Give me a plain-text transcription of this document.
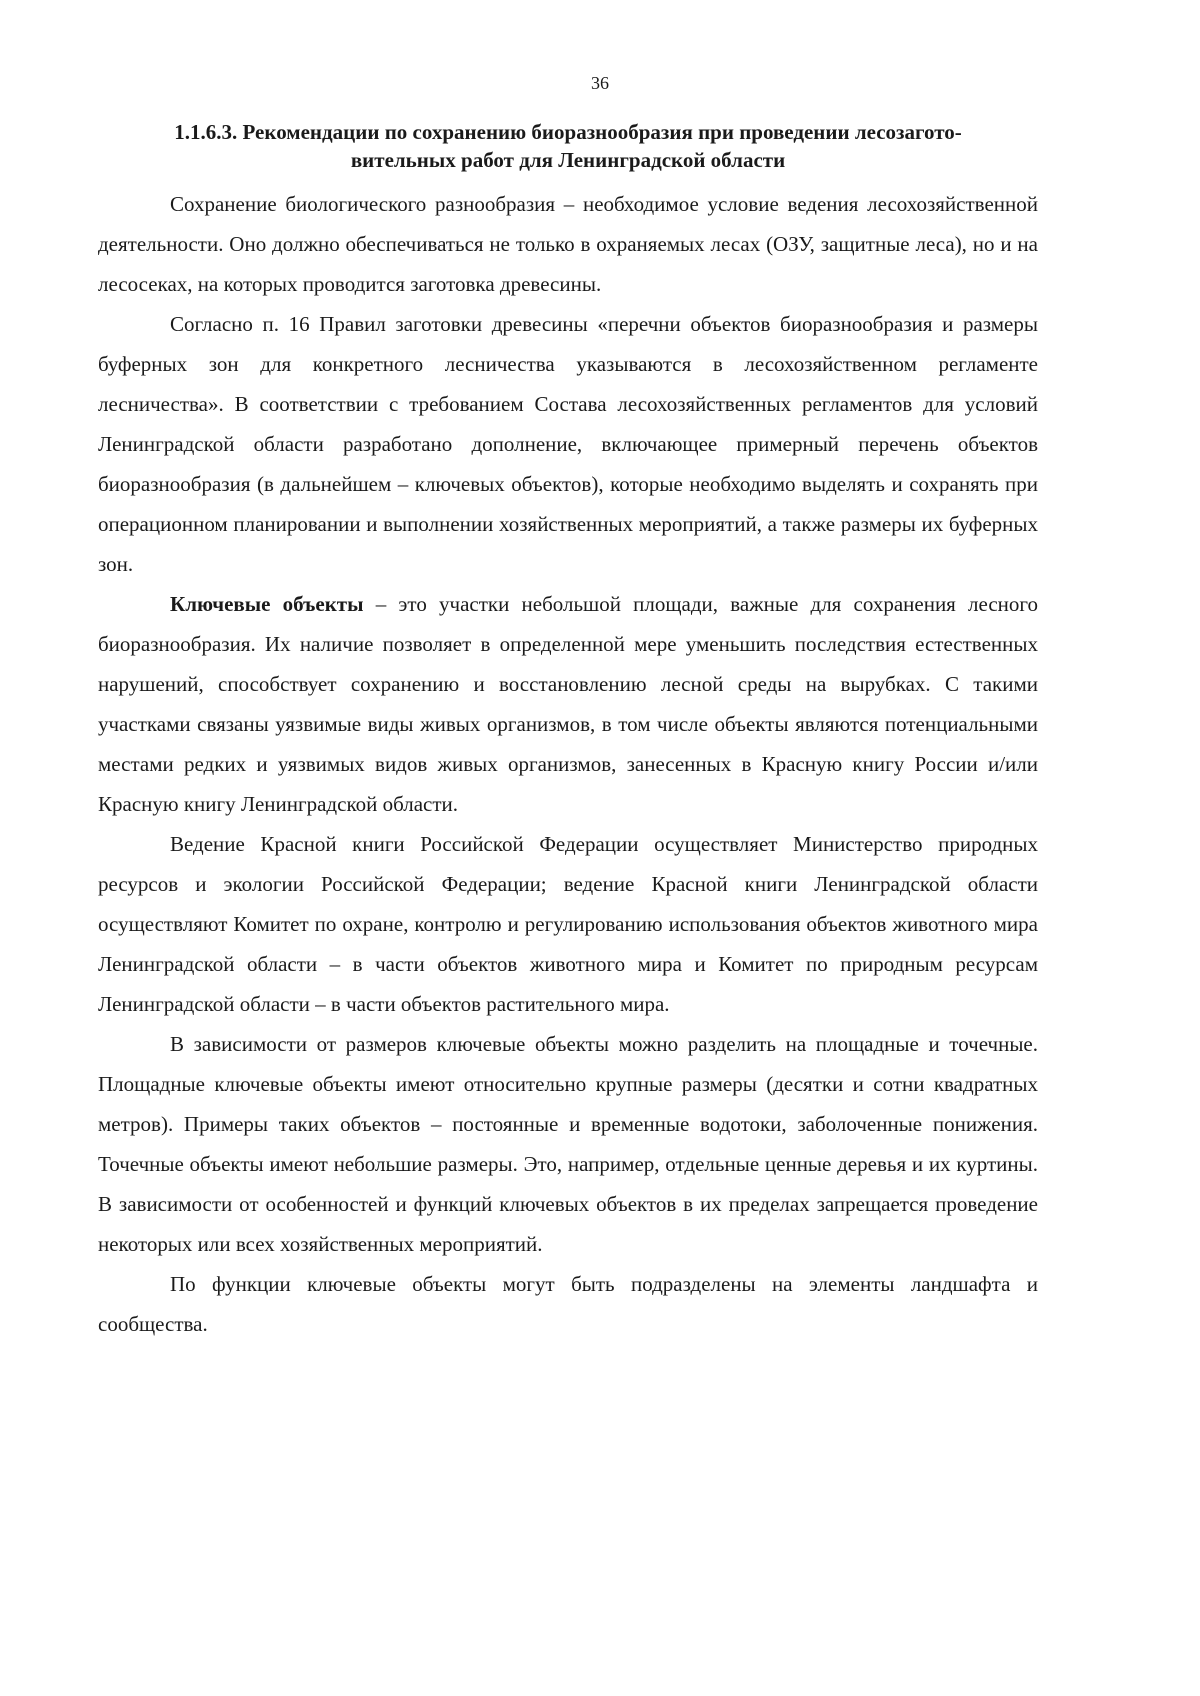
36
1.1.6.3. Рекомендации по сохранению биоразнообразия при проведении лесозагото-
вительных работ для Ленинградской области

Сохранение биологического разнообразия – необходимое условие ведения лесохозяйственной деятельности. Оно должно обеспечиваться не только в охраняемых лесах (ОЗУ, защитные леса), но и на лесосеках, на которых проводится заготовка древесины.

Согласно п. 16 Правил заготовки древесины «перечни объектов биоразнообразия и размеры буферных зон для конкретного лесничества указываются в лесохозяйственном регламенте лесничества». В соответствии с требованием Состава лесохозяйственных регламентов для условий Ленинградской области разработано дополнение, включающее примерный перечень объектов биоразнообразия (в дальнейшем – ключевых объектов), которые необходимо выделять и сохранять при операционном планировании и выполнении хозяйственных мероприятий, а также размеры их буферных зон.

Ключевые объекты – это участки небольшой площади, важные для сохранения лесного биоразнообразия. Их наличие позволяет в определенной мере уменьшить последствия естественных нарушений, способствует сохранению и восстановлению лесной среды на вырубках. С такими участками связаны уязвимые виды живых организмов, в том числе объекты являются потенциальными местами редких и уязвимых видов живых организмов, занесенных в Красную книгу России и/или Красную книгу Ленинградской области.

Ведение Красной книги Российской Федерации осуществляет Министерство природных ресурсов и экологии Российской Федерации; ведение Красной книги Ленинградской области осуществляют Комитет по охране, контролю и регулированию использования объектов животного мира Ленинградской области – в части объектов животного мира и Комитет по природным ресурсам Ленинградской области – в части объектов растительного мира.

В зависимости от размеров ключевые объекты можно разделить на площадные и точечные. Площадные ключевые объекты имеют относительно крупные размеры (десятки и сотни квадратных метров). Примеры таких объектов – постоянные и временные водотоки, заболоченные понижения. Точечные объекты имеют небольшие размеры. Это, например, отдельные ценные деревья и их куртины. В зависимости от особенностей и функций ключевых объектов в их пределах запрещается проведение некоторых или всех хозяйственных мероприятий.

По функции ключевые объекты могут быть подразделены на элементы ландшафта и сообщества.
